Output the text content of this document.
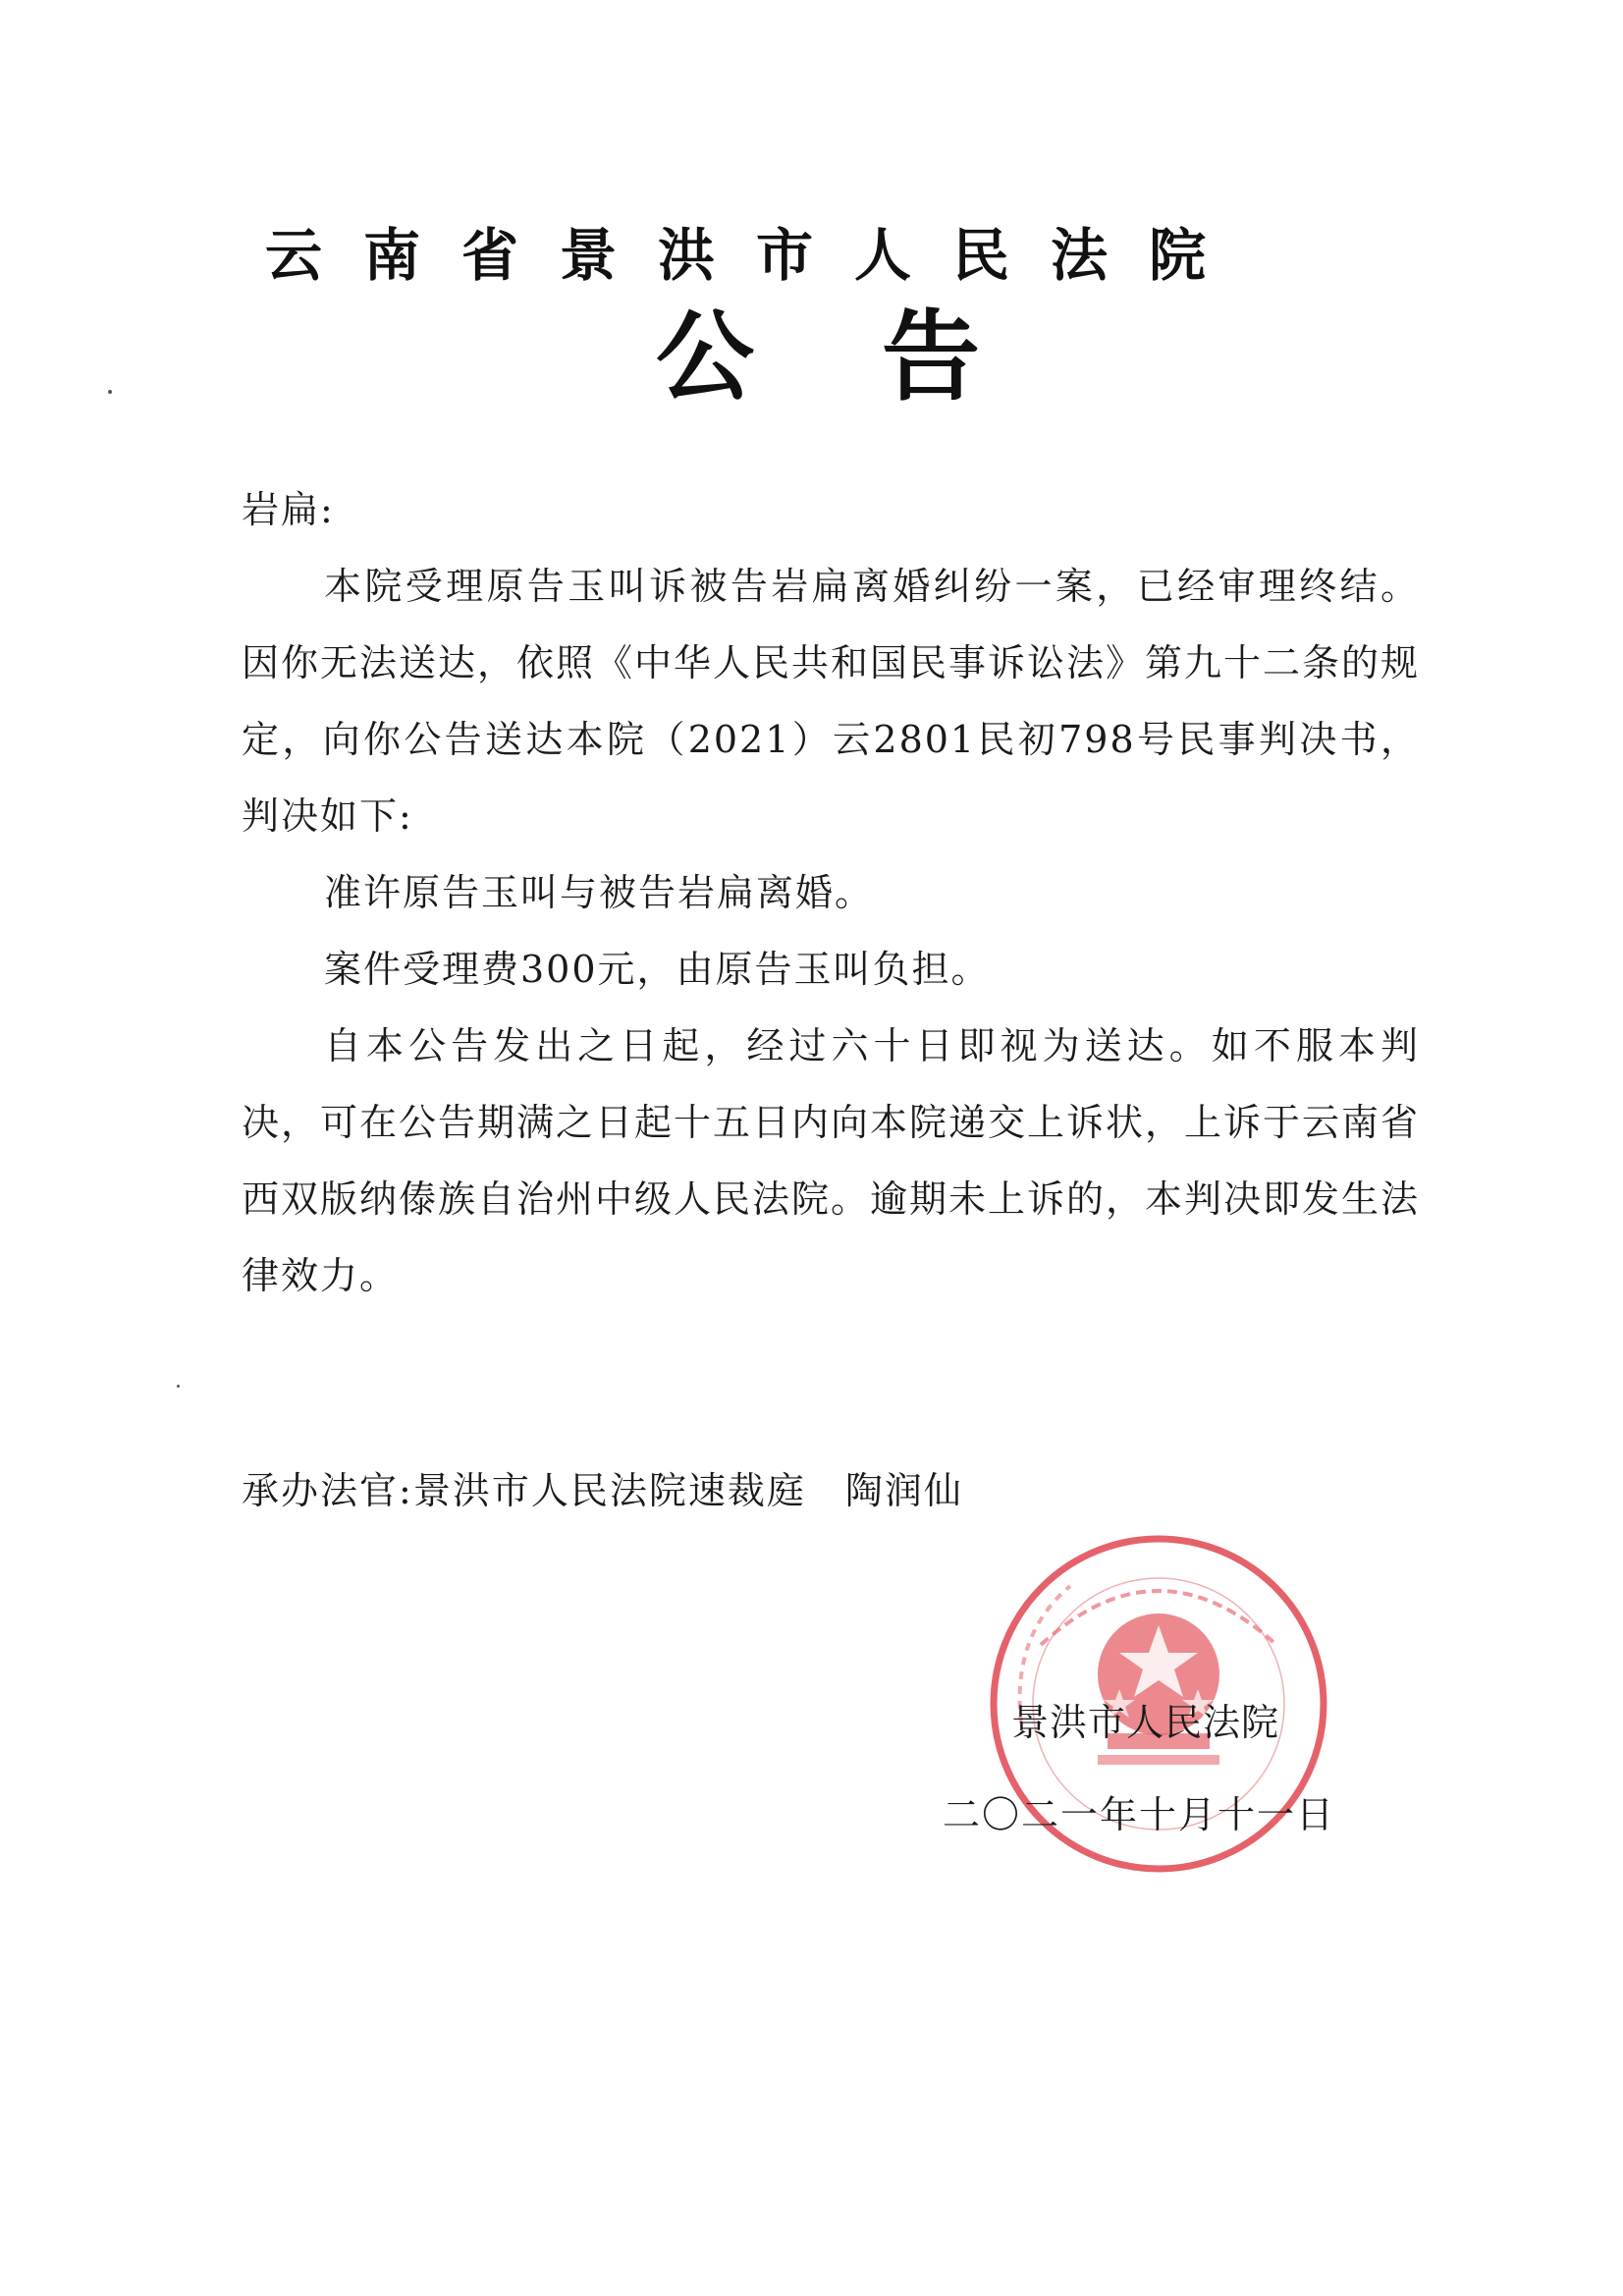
云南省景洪市人民法院
公告

岩扁:

本院受理原告玉叫诉被告岩扁离婚纠纷一案，已经审理终结。因你无法送达，依照《中华人民共和国民事诉讼法》第九十二条的规定，向你公告送达本院（2021）云2801民初798号民事判决书，判决如下:

准许原告玉叫与被告岩扁离婚。

案件受理费300元，由原告玉叫负担。

自本公告发出之日起，经过六十日即视为送达。如不服本判决，可在公告期满之日起十五日内向本院递交上诉状，上诉于云南省西双版纳傣族自治州中级人民法院。逾期未上诉的，本判决即发生法律效力。

承办法官:景洪市人民法院速裁庭 陶润仙
景洪市人民法院
二〇二一年十月十一日
